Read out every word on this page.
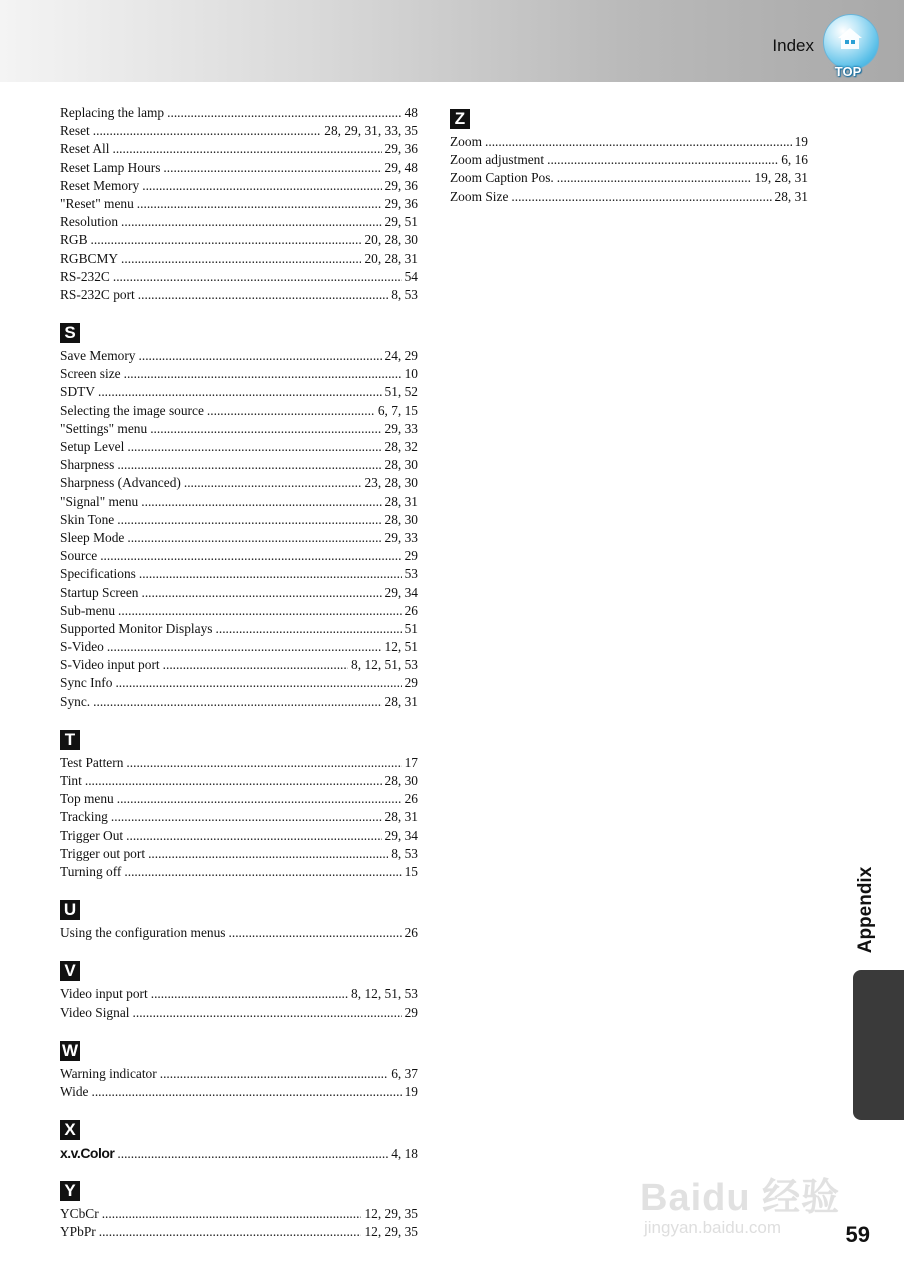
Index
TOP
Replacing the lamp .....	48
Reset .....	28, 29, 31, 33, 35
Reset All .....	29, 36
Reset Lamp Hours .....	29, 48
Reset Memory .....	29, 36
"Reset" menu .....	29, 36
Resolution .....	29, 51
RGB .....	20, 28, 30
RGBCMY .....	20, 28, 31
RS-232C .....	54
RS-232C port .....	8, 53
S
Save Memory .....	24, 29
Screen size .....	10
SDTV .....	51, 52
Selecting the image source .....	6, 7, 15
"Settings" menu .....	29, 33
Setup Level .....	28, 32
Sharpness .....	28, 30
Sharpness (Advanced) .....	23, 28, 30
"Signal" menu .....	28, 31
Skin Tone .....	28, 30
Sleep Mode .....	29, 33
Source .....	29
Specifications .....	53
Startup Screen .....	29, 34
Sub-menu .....	26
Supported Monitor Displays .....	51
S-Video .....	12, 51
S-Video input port .....	8, 12, 51, 53
Sync Info .....	29
Sync. .....	28, 31
T
Test Pattern .....	17
Tint .....	28, 30
Top menu .....	26
Tracking .....	28, 31
Trigger Out .....	29, 34
Trigger out port .....	8, 53
Turning off .....	15
U
Using the configuration menus .....	26
V
Video input port .....	8, 12, 51, 53
Video Signal .....	29
W
Warning indicator .....	6, 37
Wide .....	19
X
x.v.Color .....	4, 18
Y
YCbCr .....	12, 29, 35
YPbPr .....	12, 29, 35
Z
Zoom .....	19
Zoom adjustment .....	6, 16
Zoom Caption Pos. .....	19, 28, 31
Zoom Size .....	28, 31
Appendix
Baidu 经验
jingyan.baidu.com	59
